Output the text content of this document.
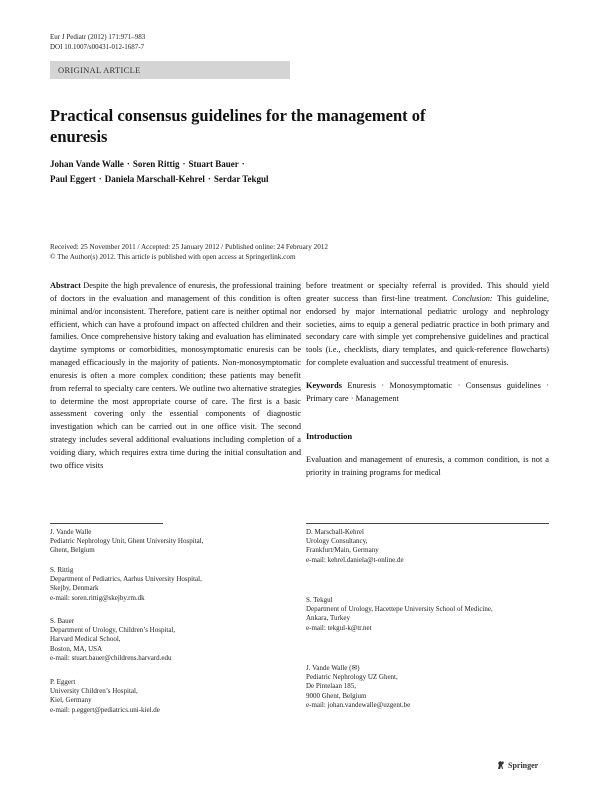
Eur J Pediatr (2012) 171:971–983
DOI 10.1007/s00431-012-1687-7
ORIGINAL ARTICLE
Practical consensus guidelines for the management of enuresis
Johan Vande Walle · Soren Rittig · Stuart Bauer ·
Paul Eggert · Daniela Marschall-Kehrel · Serdar Tekgul
Received: 25 November 2011 / Accepted: 25 January 2012 / Published online: 24 February 2012
© The Author(s) 2012. This article is published with open access at Springerlink.com

Abstract Despite the high prevalence of enuresis, the professional training of doctors in the evaluation and management of this condition is often minimal and/or inconsistent. Therefore, patient care is neither optimal nor efficient, which can have a profound impact on affected children and their families. Once comprehensive history taking and evaluation has eliminated daytime symptoms or comorbidities, monosymptomatic enuresis can be managed efficaciously in the majority of patients. Non-monosymptomatic enuresis is often a more complex condition; these patients may benefit from referral to specialty care centers. We outline two alternative strategies to determine the most appropriate course of care. The first is a basic assessment covering only the essential components of diagnostic investigation which can be carried out in one office visit. The second strategy includes several additional evaluations including completion of a voiding diary, which requires extra time during the initial consultation and two office visits

before treatment or specialty referral is provided. This should yield greater success than first-line treatment. Conclusion: This guideline, endorsed by major international pediatric urology and nephrology societies, aims to equip a general pediatric practice in both primary and secondary care with simple yet comprehensive guidelines and practical tools (i.e., checklists, diary templates, and quick-reference flowcharts) for complete evaluation and successful treatment of enuresis.

Keywords Enuresis · Monosymptomatic · Consensus guidelines · Primary care · Management

Introduction

Evaluation and management of enuresis, a common condition, is not a priority in training programs for medical

J. Vande Walle
Pediatric Nephrology Unit, Ghent University Hospital,
Ghent, Belgium
S. Rittig
Department of Pediatrics, Aarhus University Hospital,
Skejby, Denmark
e-mail: soren.rittig@skejby.rm.dk
S. Bauer
Department of Urology, Children’s Hospital,
Harvard Medical School,
Boston, MA, USA
e-mail: stuart.bauer@childrens.harvard.edu
P. Eggert
University Children’s Hospital,
Kiel, Germany
e-mail: p.eggert@pediatrics.uni-kiel.de
D. Marschall-Kehrel
Urology Consultancy,
Frankfurt/Main, Germany
e-mail: kehrel.daniela@t-online.de
S. Tekgul
Department of Urology, Hacettepe University School of Medicine,
Ankara, Turkey
e-mail: tekgul-k@tr.net
J. Vande Walle (✉)
Pediatric Nephrology UZ Ghent,
De Pintelaan 185,
9000 Ghent, Belgium
e-mail: johan.vandewalle@uzgent.be
Springer
